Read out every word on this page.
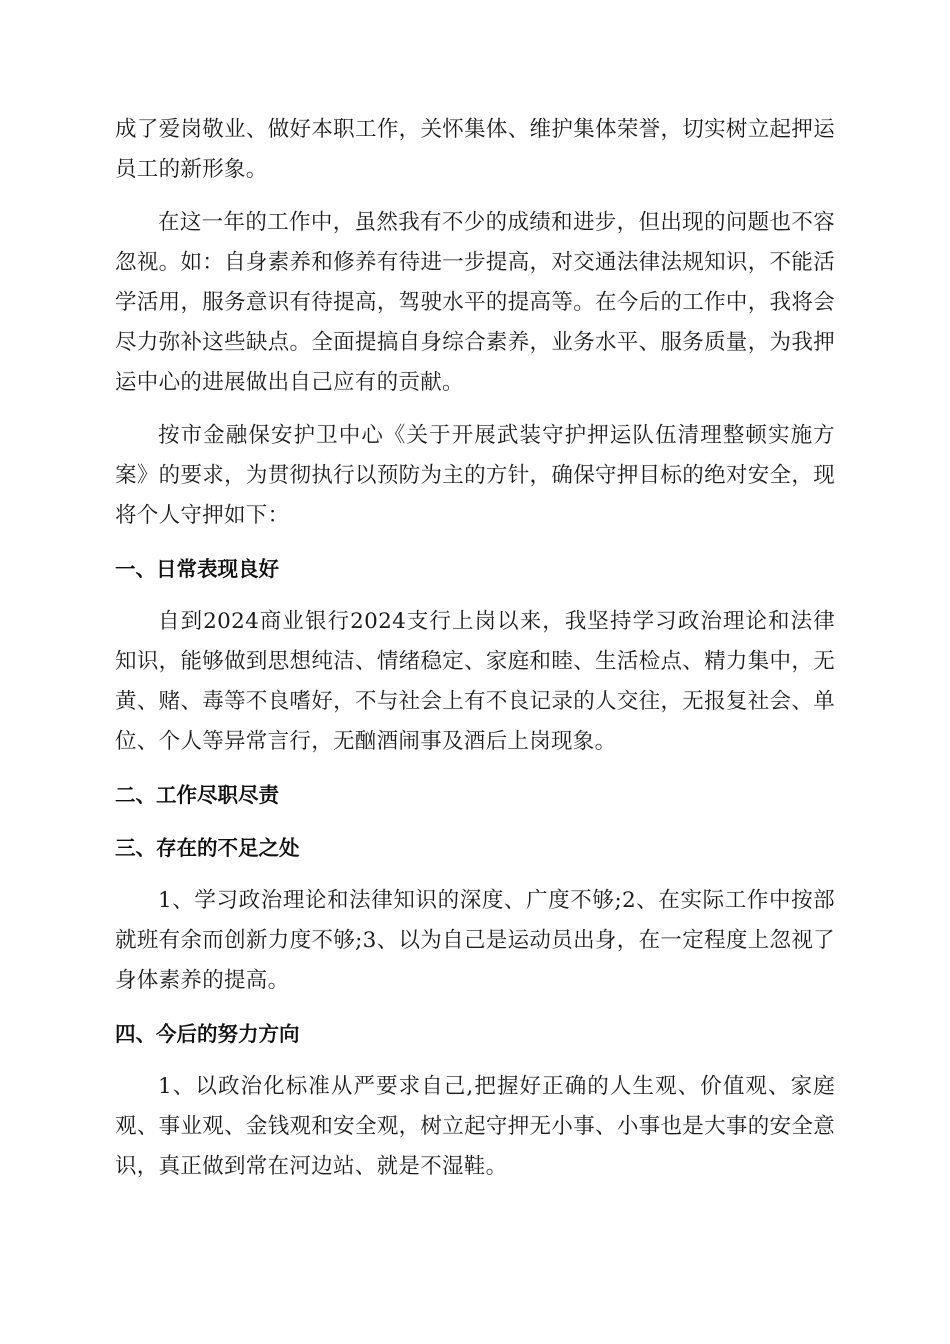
成了爱岗敬业、做好本职工作，关怀集体、维护集体荣誉，切实树立起押运员工的新形象。

在这一年的工作中，虽然我有不少的成绩和进步，但出现的问题也不容忽视。如：自身素养和修养有待进一步提高，对交通法律法规知识，不能活学活用，服务意识有待提高，驾驶水平的提高等。在今后的工作中，我将会尽力弥补这些缺点。全面提搞自身综合素养，业务水平、服务质量，为我押运中心的进展做出自己应有的贡献。

按市金融保安护卫中心《关于开展武装守护押运队伍清理整顿实施方案》的要求，为贯彻执行以预防为主的方针，确保守押目标的绝对安全，现将个人守押如下：

一、日常表现良好

自到2024商业银行2024支行上岗以来，我坚持学习政治理论和法律知识，能够做到思想纯洁、情绪稳定、家庭和睦、生活检点、精力集中，无黄、赌、毒等不良嗜好，不与社会上有不良记录的人交往，无报复社会、单位、个人等异常言行，无酗酒闹事及酒后上岗现象。

二、工作尽职尽责

三、存在的不足之处

1、学习政治理论和法律知识的深度、广度不够;2、在实际工作中按部就班有余而创新力度不够;3、以为自己是运动员出身，在一定程度上忽视了身体素养的提高。

四、今后的努力方向

1、以政治化标准从严要求自己,把握好正确的人生观、价值观、家庭观、事业观、金钱观和安全观，树立起守押无小事、小事也是大事的安全意识，真正做到常在河边站、就是不湿鞋。
